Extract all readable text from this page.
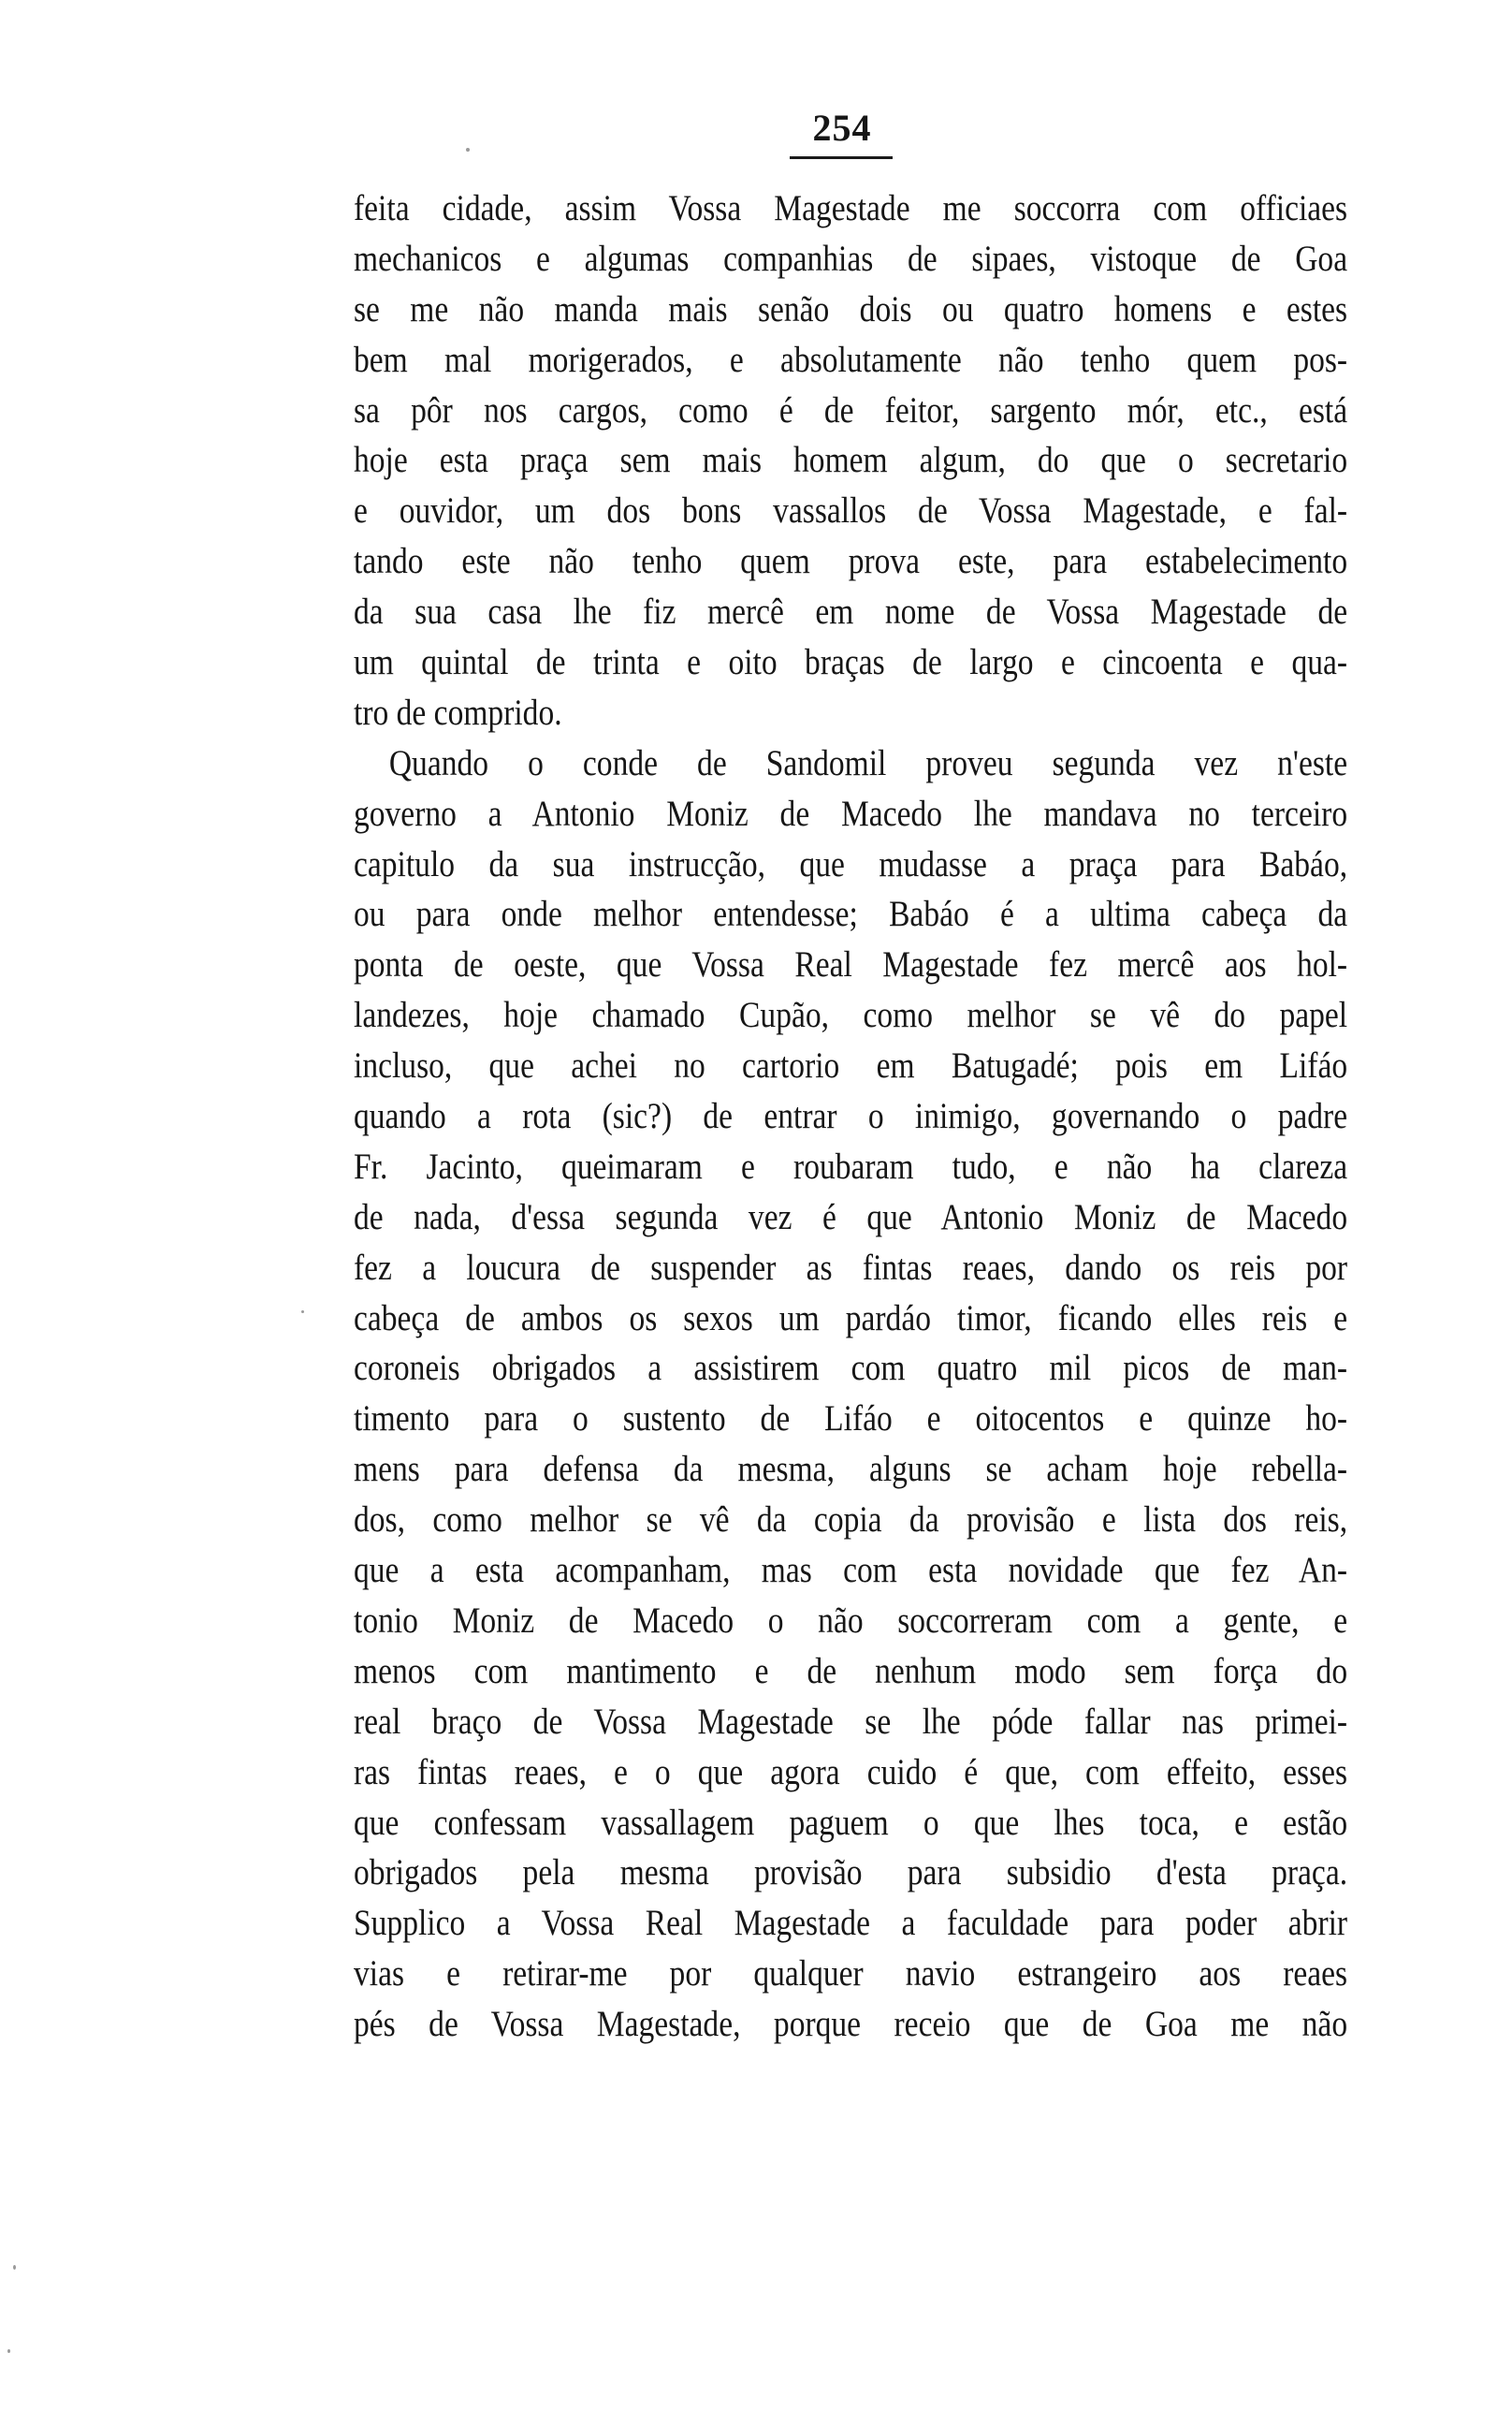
254
feita cidade, assim Vossa Magestade me soccorra com officiaes
mechanicos e algumas companhias de sipaes, vistoque de Goa
se me não manda mais senão dois ou quatro homens e estes
bem mal morigerados, e absolutamente não tenho quem pos-
sa pôr nos cargos, como é de feitor, sargento mór, etc., está
hoje esta praça sem mais homem algum, do que o secretario
e ouvidor, um dos bons vassallos de Vossa Magestade, e fal-
tando este não tenho quem prova este, para estabelecimento
da sua casa lhe fiz mercê em nome de Vossa Magestade de
um quintal de trinta e oito braças de largo e cincoenta e qua-
tro de comprido.
Quando o conde de Sandomil proveu segunda vez n'este
governo a Antonio Moniz de Macedo lhe mandava no terceiro
capitulo da sua instrucção, que mudasse a praça para Babáo,
ou para onde melhor entendesse; Babáo é a ultima cabeça da
ponta de oeste, que Vossa Real Magestade fez mercê aos hol-
landezes, hoje chamado Cupão, como melhor se vê do papel
incluso, que achei no cartorio em Batugadé; pois em Lifáo
quando a rota (sic?) de entrar o inimigo, governando o padre
Fr. Jacinto, queimaram e roubaram tudo, e não ha clareza
de nada, d'essa segunda vez é que Antonio Moniz de Macedo
fez a loucura de suspender as fintas reaes, dando os reis por
cabeça de ambos os sexos um pardáo timor, ficando elles reis e
coroneis obrigados a assistirem com quatro mil picos de man-
timento para o sustento de Lifáo e oitocentos e quinze ho-
mens para defensa da mesma, alguns se acham hoje rebella-
dos, como melhor se vê da copia da provisão e lista dos reis,
que a esta acompanham, mas com esta novidade que fez An-
tonio Moniz de Macedo o não soccorreram com a gente, e
menos com mantimento e de nenhum modo sem força do
real braço de Vossa Magestade se lhe póde fallar nas primei-
ras fintas reaes, e o que agora cuido é que, com effeito, esses
que confessam vassallagem paguem o que lhes toca, e estão
obrigados pela mesma provisão para subsidio d'esta praça.
Supplico a Vossa Real Magestade a faculdade para poder abrir
vias e retirar-me por qualquer navio estrangeiro aos reaes
pés de Vossa Magestade, porque receio que de Goa me não
